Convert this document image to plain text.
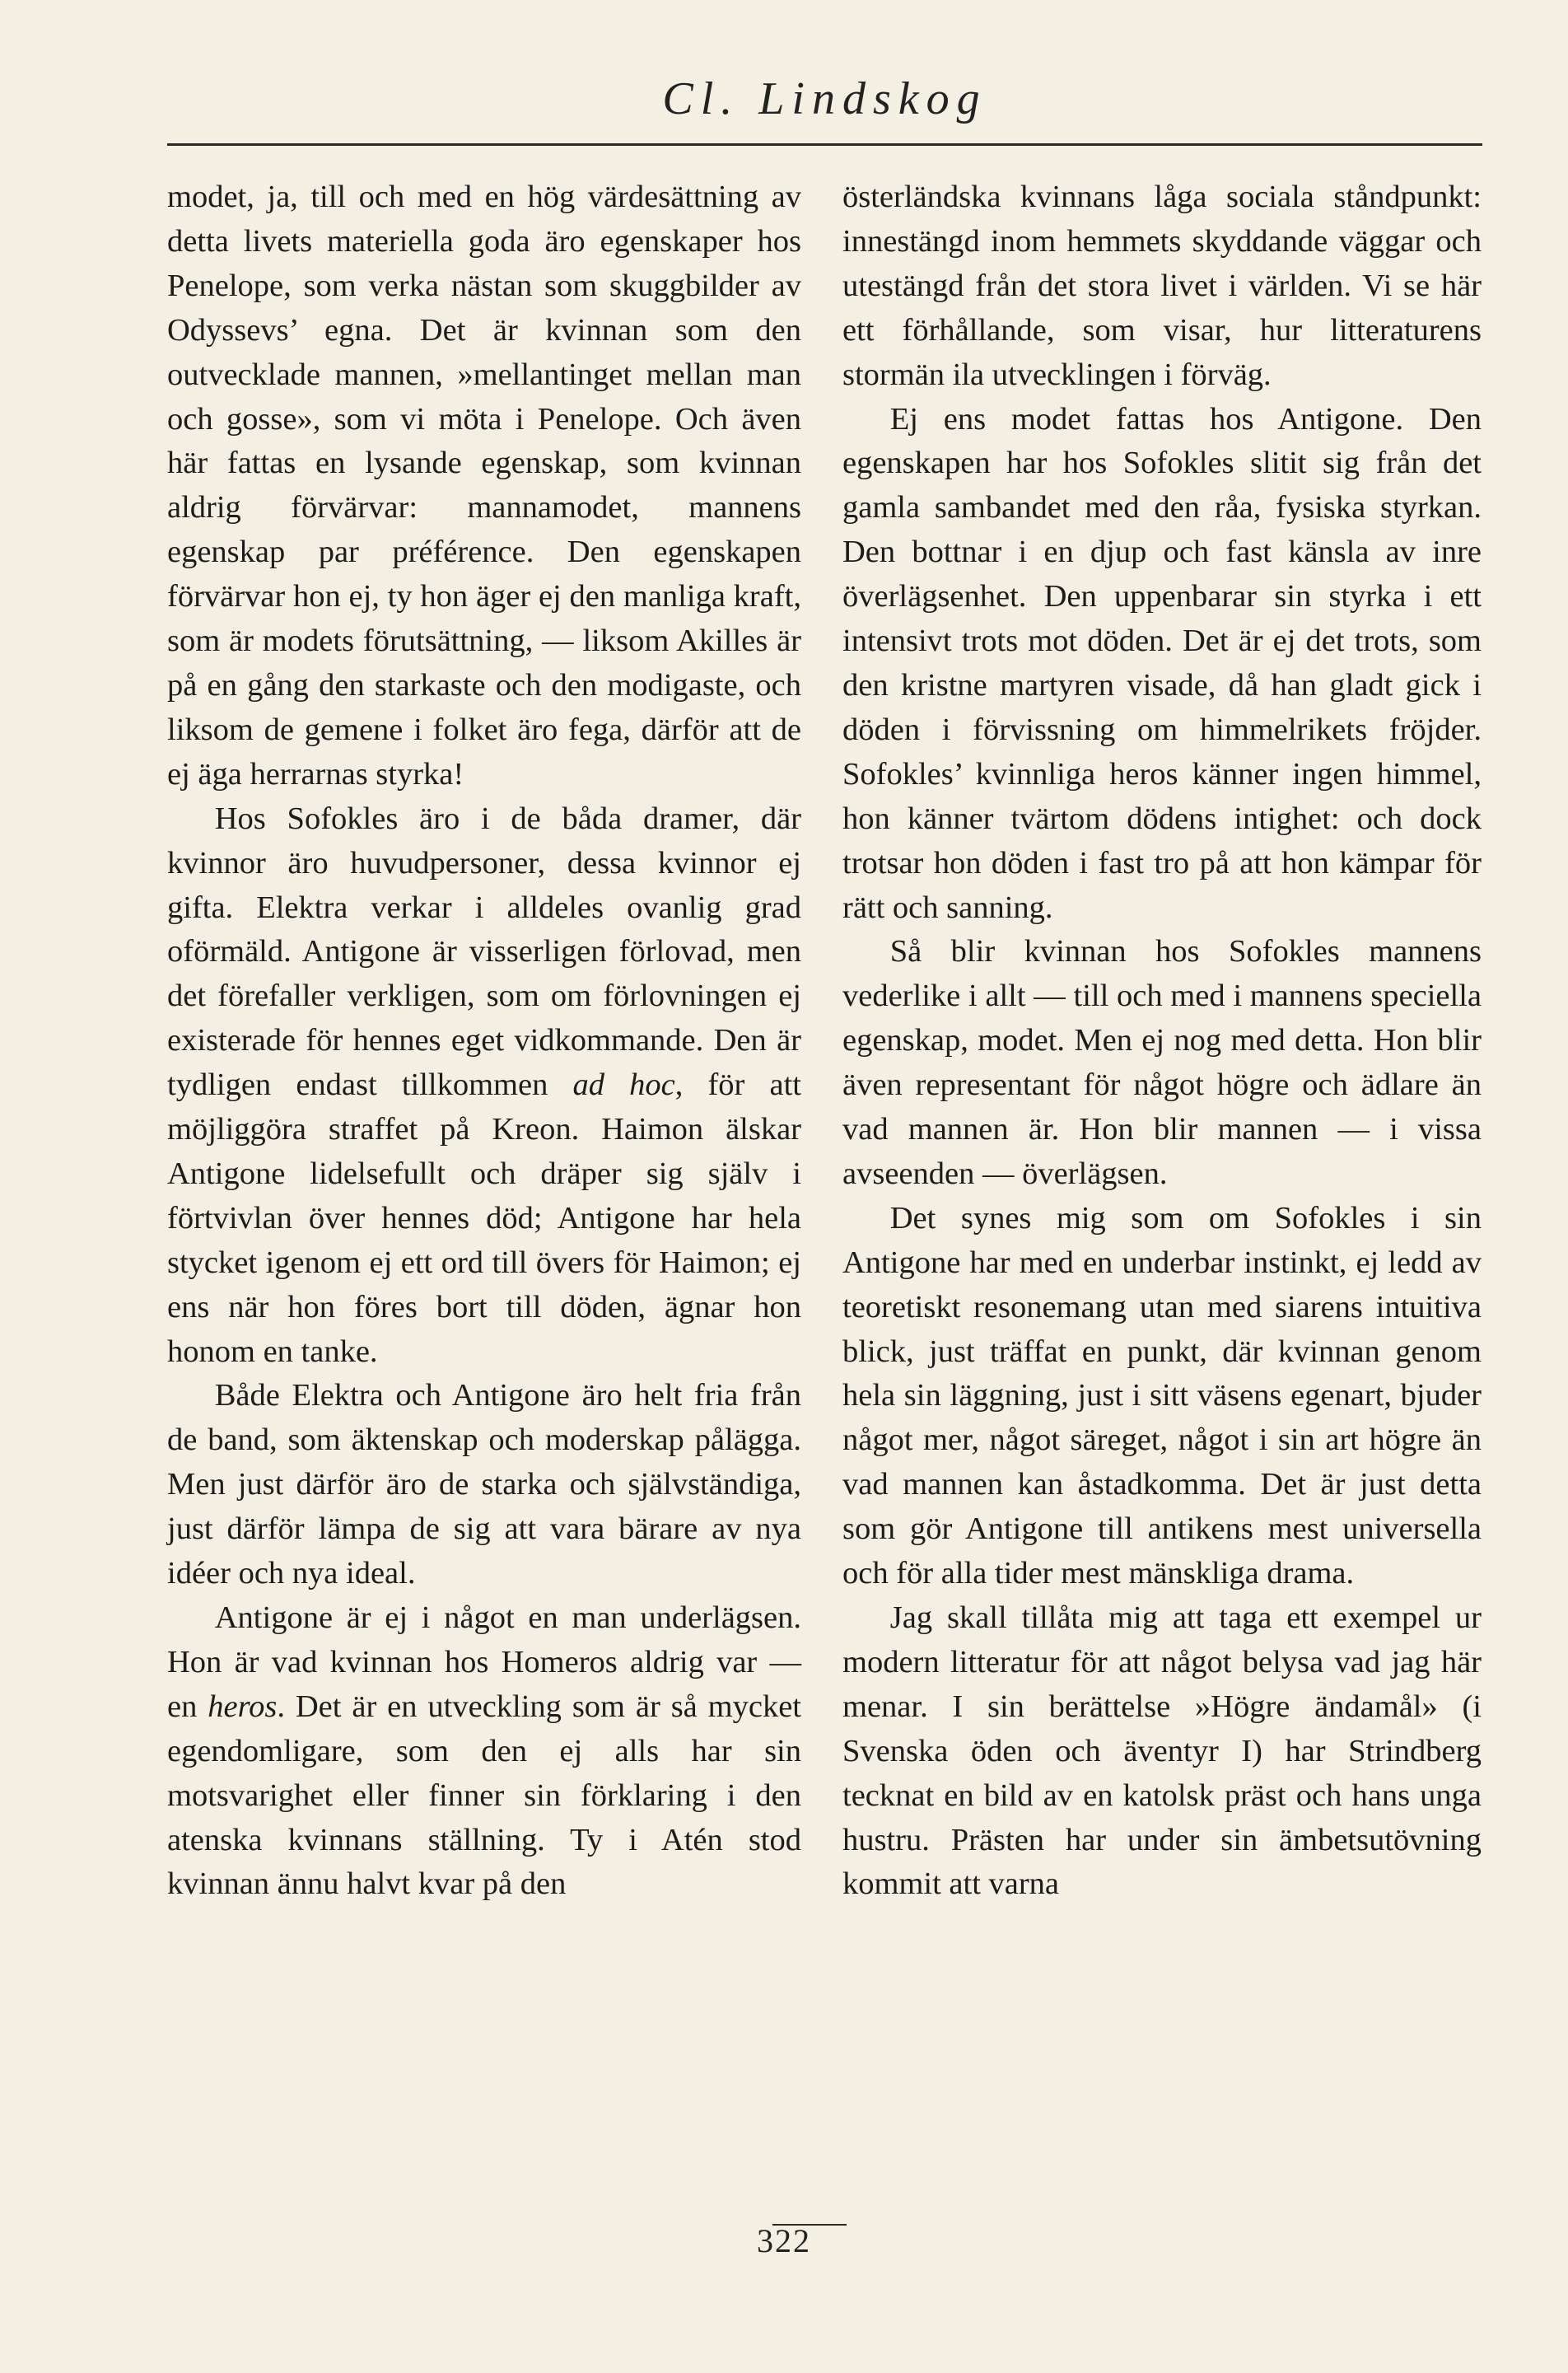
Cl. Lindskog

modet, ja, till och med en hög värdesättning av detta livets materiella goda äro egenskaper hos Penelope, som verka nästan som skuggbilder av Odyssevs’ egna. Det är kvinnan som den outvecklade mannen, »mellantinget mellan man och gosse», som vi möta i Penelope. Och även här fattas en lysande egenskap, som kvinnan aldrig förvärvar: mannamodet, mannens egenskap par préférence. Den egenskapen förvärvar hon ej, ty hon äger ej den manliga kraft, som är modets förutsättning, — liksom Akilles är på en gång den starkaste och den modigaste, och liksom de gemene i folket äro fega, därför att de ej äga herrarnas styrka!

Hos Sofokles äro i de båda dramer, där kvinnor äro huvudpersoner, dessa kvinnor ej gifta. Elektra verkar i alldeles ovanlig grad oförmäld. Antigone är visserligen förlovad, men det förefaller verkligen, som om förlovningen ej existerade för hennes eget vidkommande. Den är tydligen endast tillkommen ad hoc, för att möjliggöra straffet på Kreon. Haimon älskar Antigone lidelsefullt och dräper sig själv i förtvivlan över hennes död; Antigone har hela stycket igenom ej ett ord till övers för Haimon; ej ens när hon föres bort till döden, ägnar hon honom en tanke.

Både Elektra och Antigone äro helt fria från de band, som äktenskap och moderskap pålägga. Men just därför äro de starka och självständiga, just därför lämpa de sig att vara bärare av nya idéer och nya ideal.

Antigone är ej i något en man underlägsen. Hon är vad kvinnan hos Homeros aldrig var — en heros. Det är en utveckling som är så mycket egendomligare, som den ej alls har sin motsvarighet eller finner sin förklaring i den atenska kvinnans ställning. Ty i Atén stod kvinnan ännu halvt kvar på den

österländska kvinnans låga sociala ståndpunkt: innestängd inom hemmets skyddande väggar och utestängd från det stora livet i världen. Vi se här ett förhållande, som visar, hur litteraturens stormän ila utvecklingen i förväg.

Ej ens modet fattas hos Antigone. Den egenskapen har hos Sofokles slitit sig från det gamla sambandet med den råa, fysiska styrkan. Den bottnar i en djup och fast känsla av inre överlägsenhet. Den uppenbarar sin styrka i ett intensivt trots mot döden. Det är ej det trots, som den kristne martyren visade, då han gladt gick i döden i förvissning om himmelrikets fröjder. Sofokles’ kvinnliga heros känner ingen himmel, hon känner tvärtom dödens intighet: och dock trotsar hon döden i fast tro på att hon kämpar för rätt och sanning.

Så blir kvinnan hos Sofokles mannens vederlike i allt — till och med i mannens speciella egenskap, modet. Men ej nog med detta. Hon blir även representant för något högre och ädlare än vad mannen är. Hon blir mannen — i vissa avseenden — överlägsen.

Det synes mig som om Sofokles i sin Antigone har med en underbar instinkt, ej ledd av teoretiskt resonemang utan med siarens intuitiva blick, just träffat en punkt, där kvinnan genom hela sin läggning, just i sitt väsens egenart, bjuder något mer, något säreget, något i sin art högre än vad mannen kan åstadkomma. Det är just detta som gör Antigone till antikens mest universella och för alla tider mest mänskliga drama.

Jag skall tillåta mig att taga ett exempel ur modern litteratur för att något belysa vad jag här menar. I sin berättelse »Högre ändamål» (i Svenska öden och äventyr I) har Strindberg tecknat en bild av en katolsk präst och hans unga hustru. Prästen har under sin ämbetsutövning kommit att varna

322
